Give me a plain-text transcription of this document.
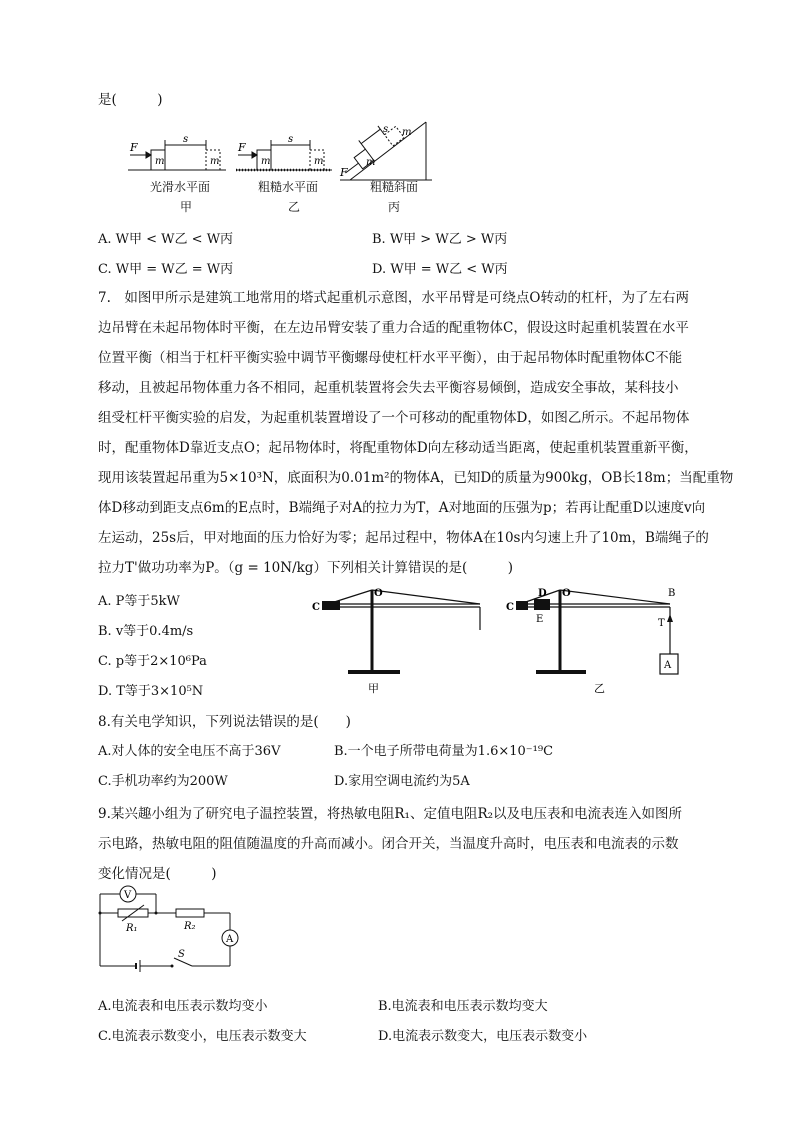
是(　　　)
F
m	m
s
F
m	m
s
F
m
m
s
光滑水平面
甲
粗糙水平面
乙
粗糙斜面
丙
A. W甲 < W乙 < W丙	B. W甲 > W乙 > W丙
C. W甲 = W乙 = W丙	D. W甲 = W乙 < W丙
7.　如图甲所示是建筑工地常用的塔式起重机示意图，水平吊臂是可绕点O转动的杠杆，为了左右两
边吊臂在未起吊物体时平衡，在左边吊臂安装了重力合适的配重物体C，假设这时起重机装置在水平
位置平衡（相当于杠杆平衡实验中调节平衡螺母使杠杆水平平衡），由于起吊物体时配重物体C不能
移动，且被起吊物体重力各不相同，起重机装置将会失去平衡容易倾倒，造成安全事故，某科技小
组受杠杆平衡实验的启发，为起重机装置增设了一个可移动的配重物体D，如图乙所示。不起吊物体
时，配重物体D靠近支点O；起吊物体时，将配重物体D向左移动适当距离，使起重机装置重新平衡，
现用该装置起吊重为5×10³N，底面积为0.01m²的物体A，已知D的质量为900kg，OB长18m；当配重物
体D移动到距支点6m的E点时，B端绳子对A的拉力为T，A对地面的压强为p；若再让配重D以速度v向
左运动，25s后，甲对地面的压力恰好为零；起吊过程中，物体A在10s内匀速上升了10m，B端绳子的
拉力T'做功功率为P。（g = 10N/kg）下列相关计算错误的是(　　　)
A. P等于5kW
B. v等于0.4m/s
C. p等于2×10⁶Pa
D. T等于3×10⁵N
C
O
甲
C
D
E
O	B
T
A
乙
8.有关电学知识，下列说法错误的是(　　)
A.对人体的安全电压不高于36V	B.一个电子所带电荷量为1.6×10⁻¹⁹C
C.手机功率约为200W	D.家用空调电流约为5A
9.某兴趣小组为了研究电子温控装置，将热敏电阻R₁、定值电阻R₂以及电压表和电流表连入如图所
示电路，热敏电阻的阻值随温度的升高而减小。闭合开关，当温度升高时，电压表和电流表的示数
变化情况是(　　　)
V
A
R₁	R₂
S
A.电流表和电压表示数均变小	B.电流表和电压表示数均变大
C.电流表示数变小，电压表示数变大	D.电流表示数变大，电压表示数变小
